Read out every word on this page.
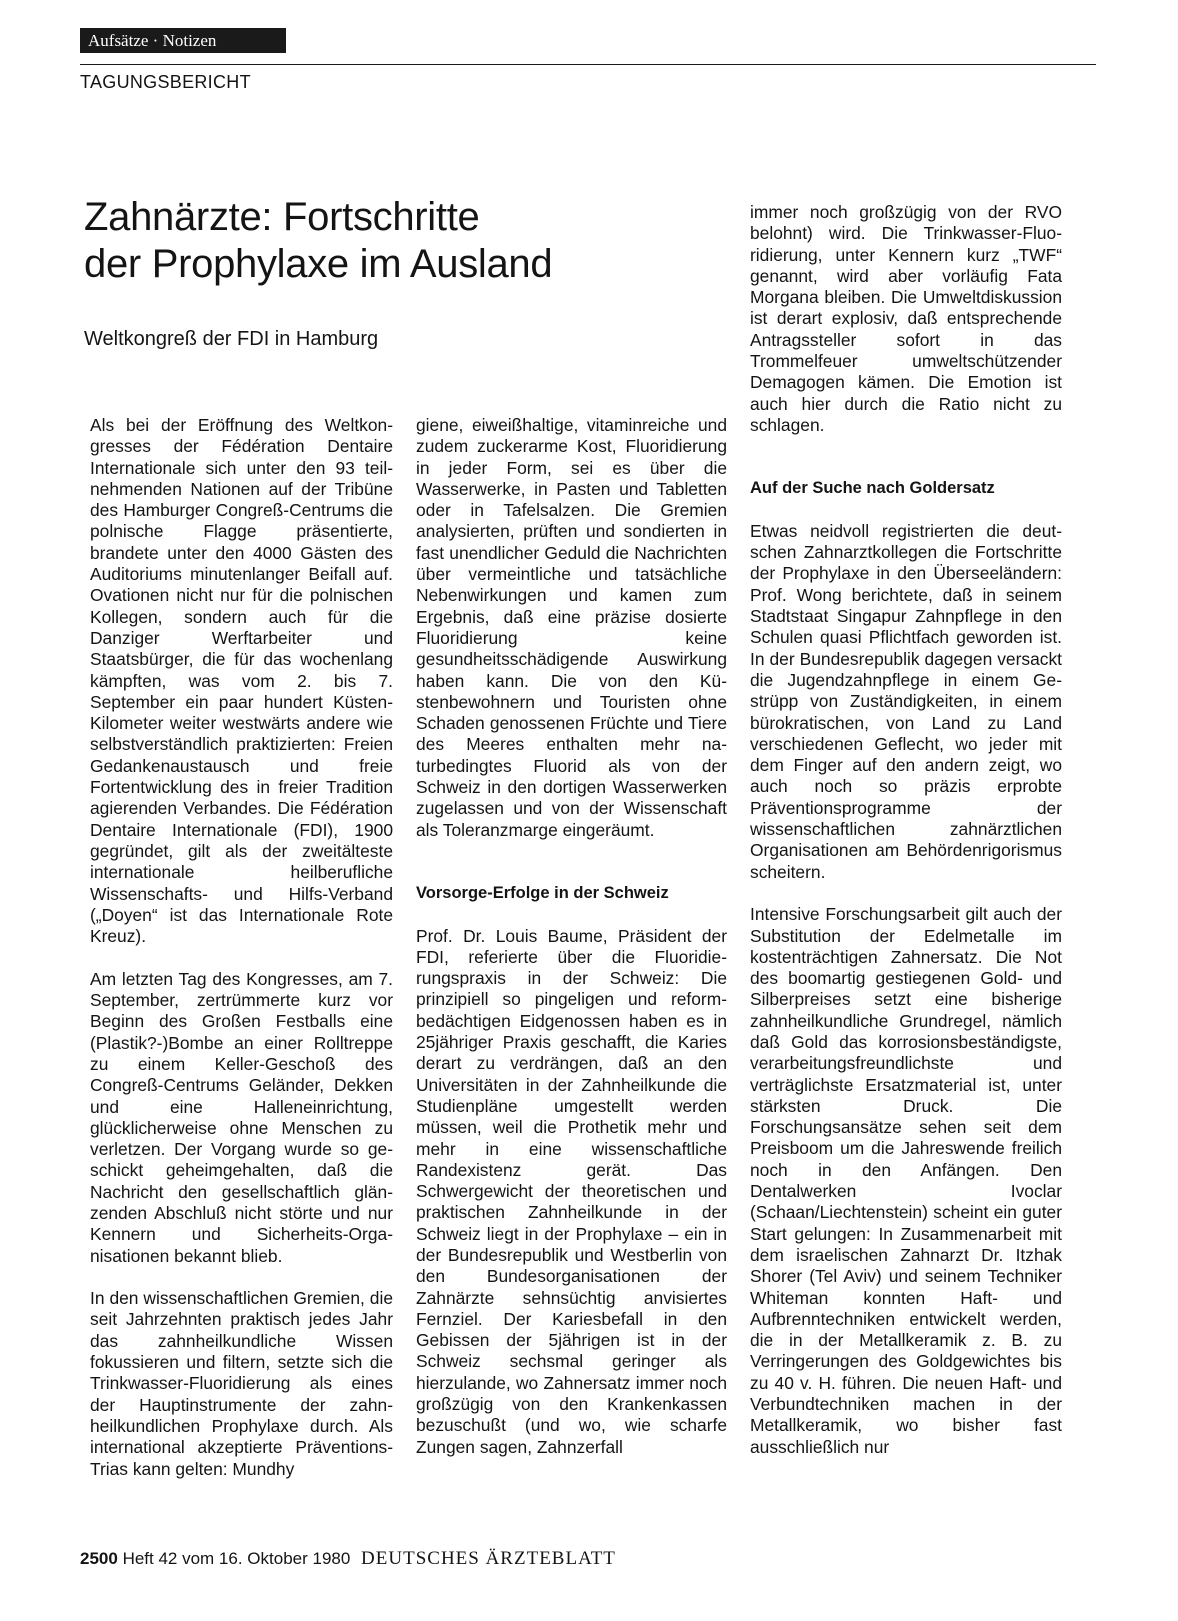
Aufsätze · Notizen
TAGUNGSBERICHT
Zahnärzte: Fortschritte
der Prophylaxe im Ausland
Weltkongreß der FDI in Hamburg

Als bei der Eröffnung des Weltkongresses der Fédération Dentaire Internationale sich unter den 93 teilnehmenden Nationen auf der Tribüne des Hamburger Congreß-Centrums die polnische Flagge präsentierte, brandete unter den 4000 Gästen des Auditoriums minutenlanger Beifall auf. Ovationen nicht nur für die polnischen Kollegen, sondern auch für die Danziger Werftarbeiter und Staatsbürger, die für das wochenlang kämpften, was vom 2. bis 7. September ein paar hundert Küsten-Kilometer weiter westwärts andere wie selbstverständlich praktizierten: Freien Gedankenaustausch und freie Fortentwicklung des in freier Tradition agierenden Verbandes. Die Fédération Dentaire Internationale (FDI), 1900 gegründet, gilt als der zweitälteste internationale heilberufliche Wissenschafts- und Hilfs-Verband („Doyen“ ist das Internationale Rote Kreuz).

Am letzten Tag des Kongresses, am 7. September, zertrümmerte kurz vor Beginn des Großen Festballs eine (Plastik?-)Bombe an einer Rolltreppe zu einem Keller-Geschoß des Congreß-Centrums Geländer, Dekken und eine Halleneinrichtung, glücklicherweise ohne Menschen zu verletzen. Der Vorgang wurde so geschickt geheimgehalten, daß die Nachricht den gesellschaftlich glänzenden Abschluß nicht störte und nur Kennern und Sicherheits-Organisationen bekannt blieb.

In den wissenschaftlichen Gremien, die seit Jahrzehnten praktisch jedes Jahr das zahnheilkundliche Wissen fokussieren und filtern, setzte sich die Trinkwasser-Fluoridierung als eines der Hauptinstrumente der zahnheilkundlichen Prophylaxe durch. Als international akzeptierte Präventions-Trias kann gelten: Mundhy

giene, eiweißhaltige, vitaminreiche und zudem zuckerarme Kost, Fluoridierung in jeder Form, sei es über die Wasserwerke, in Pasten und Tabletten oder in Tafelsalzen. Die Gremien analysierten, prüften und sondierten in fast unendlicher Geduld die Nachrichten über vermeintliche und tatsächliche Nebenwirkungen und kamen zum Ergebnis, daß eine präzise dosierte Fluoridierung keine gesundheitsschädigende Auswirkung haben kann. Die von den Küstenbewohnern und Touristen ohne Schaden genossenen Früchte und Tiere des Meeres enthalten mehr naturbedingtes Fluorid als von der Schweiz in den dortigen Wasserwerken zugelassen und von der Wissenschaft als Toleranzmarge eingeräumt.

Vorsorge-Erfolge in der Schweiz

Prof. Dr. Louis Baume, Präsident der FDI, referierte über die Fluoridierungspraxis in der Schweiz: Die prinzipiell so pingeligen und reformbedächtigen Eidgenossen haben es in 25jähriger Praxis geschafft, die Karies derart zu verdrängen, daß an den Universitäten in der Zahnheilkunde die Studienpläne umgestellt werden müssen, weil die Prothetik mehr und mehr in eine wissenschaftliche Randexistenz gerät. Das Schwergewicht der theoretischen und praktischen Zahnheilkunde in der Schweiz liegt in der Prophylaxe – ein in der Bundesrepublik und Westberlin von den Bundesorganisationen der Zahnärzte sehnsüchtig anvisiertes Fernziel. Der Kariesbefall in den Gebissen der 5jährigen ist in der Schweiz sechsmal geringer als hierzulande, wo Zahnersatz immer noch großzügig von den Krankenkassen bezuschußt (und wo, wie scharfe Zungen sagen, Zahnzerfall

immer noch großzügig von der RVO belohnt) wird. Die Trinkwasser-Fluoridierung, unter Kennern kurz „TWF“ genannt, wird aber vorläufig Fata Morgana bleiben. Die Umweltdiskussion ist derart explosiv, daß entsprechende Antragssteller sofort in das Trommelfeuer umweltschützender Demagogen kämen. Die Emotion ist auch hier durch die Ratio nicht zu schlagen.

Auf der Suche nach Goldersatz

Etwas neidvoll registrierten die deutschen Zahnarztkollegen die Fortschritte der Prophylaxe in den Überseeländern: Prof. Wong berichtete, daß in seinem Stadtstaat Singapur Zahnpflege in den Schulen quasi Pflichtfach geworden ist. In der Bundesrepublik dagegen versackt die Jugendzahnpflege in einem Gestrüpp von Zuständigkeiten, in einem bürokratischen, von Land zu Land verschiedenen Geflecht, wo jeder mit dem Finger auf den andern zeigt, wo auch noch so präzis erprobte Präventionsprogramme der wissenschaftlichen zahnärztlichen Organisationen am Behördenrigorismus scheitern.

Intensive Forschungsarbeit gilt auch der Substitution der Edelmetalle im kostenträchtigen Zahnersatz. Die Not des boomartig gestiegenen Gold- und Silberpreises setzt eine bisherige zahnheilkundliche Grundregel, nämlich daß Gold das korrosionsbeständigste, verarbeitungsfreundlichste und verträglichste Ersatzmaterial ist, unter stärksten Druck. Die Forschungsansätze sehen seit dem Preisboom um die Jahreswende freilich noch in den Anfängen. Den Dentalwerken Ivoclar (Schaan/Liechtenstein) scheint ein guter Start gelungen: In Zusammenarbeit mit dem israelischen Zahnarzt Dr. Itzhak Shorer (Tel Aviv) und seinem Techniker Whiteman konnten Haft- und Aufbrenntechniken entwickelt werden, die in der Metallkeramik z. B. zu Verringerungen des Goldgewichtes bis zu 40 v. H. führen. Die neuen Haft- und Verbundtechniken machen in der Metallkeramik, wo bisher fast ausschließlich nur

2500 Heft 42 vom 16. Oktober 1980 DEUTSCHES ÄRZTEBLATT
